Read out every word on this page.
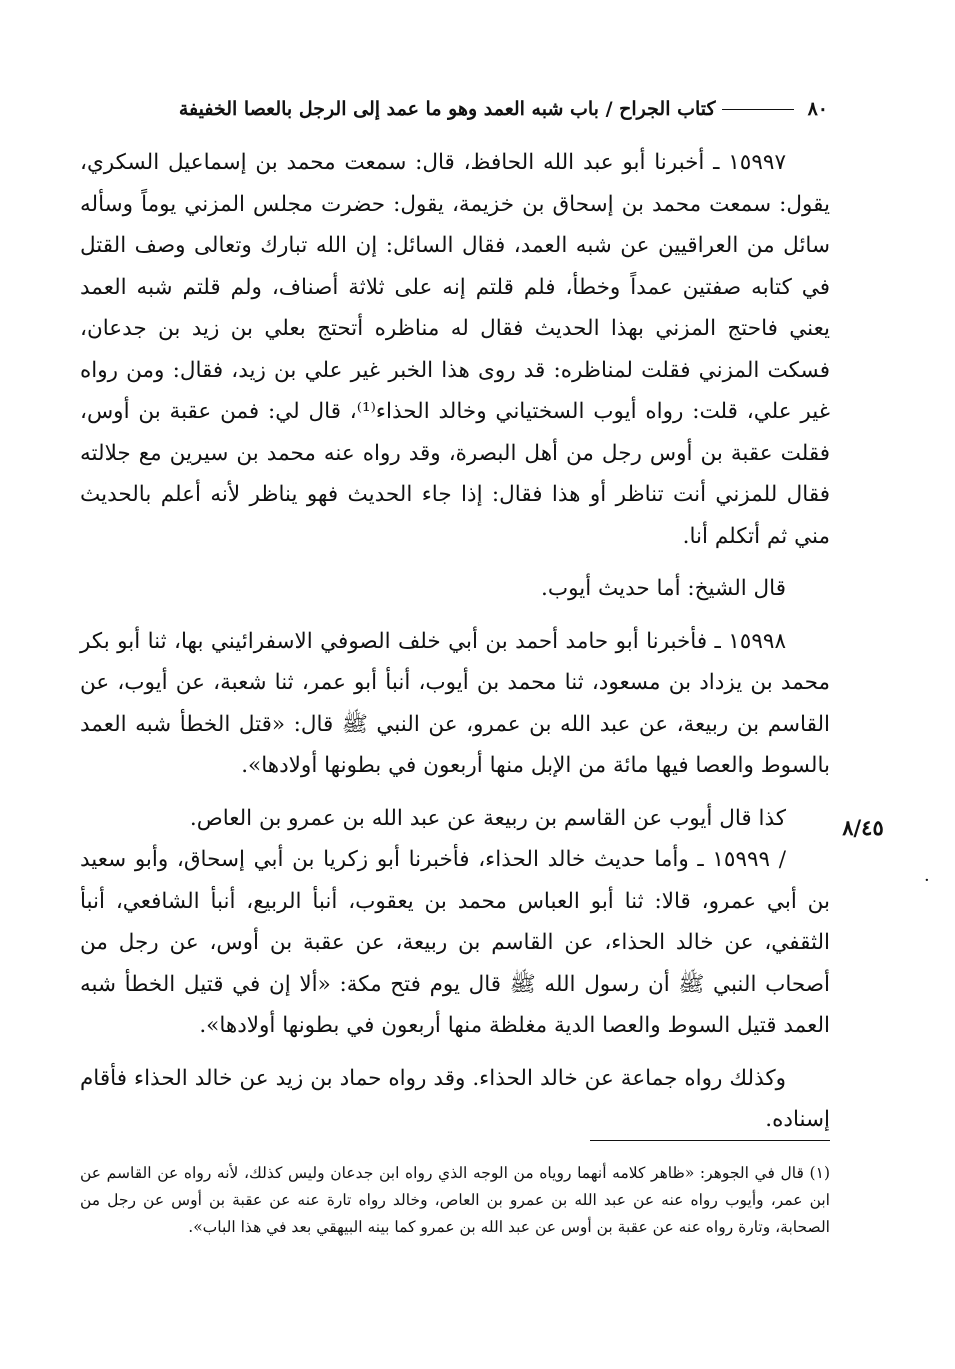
٨٠
كتاب الجراح / باب شبه العمد وهو ما عمد إلى الرجل بالعصا الخفيفة

١٥٩٩٧ ـ أخبرنا أبو عبد الله الحافظ، قال: سمعت محمد بن إسماعيل السكري، يقول: سمعت محمد بن إسحاق بن خزيمة، يقول: حضرت مجلس المزني يوماً وسأله سائل من العراقيين عن شبه العمد، فقال السائل: إن الله تبارك وتعالى وصف القتل في كتابه صفتين عمداً وخطأ، فلم قلتم إنه على ثلاثة أصناف، ولم قلتم شبه العمد يعني فاحتج المزني بهذا الحديث فقال له مناظره أتحتج بعلي بن زيد بن جدعان، فسكت المزني فقلت لمناظره: قد روى هذا الخبر غير علي بن زيد، فقال: ومن رواه غير علي، قلت: رواه أيوب السختياني وخالد الحذاء⁽¹⁾، قال لي: فمن عقبة بن أوس، فقلت عقبة بن أوس رجل من أهل البصرة، وقد رواه عنه محمد بن سيرين مع جلالته فقال للمزني أنت تناظر أو هذا فقال: إذا جاء الحديث فهو يناظر لأنه أعلم بالحديث مني ثم أتكلم أنا.

قال الشيخ: أما حديث أيوب.

١٥٩٩٨ ـ فأخبرنا أبو حامد أحمد بن أبي خلف الصوفي الاسفرائيني بها، ثنا أبو بكر محمد بن يزداد بن مسعود، ثنا محمد بن أيوب، أنبأ أبو عمر، ثنا شعبة، عن أيوب، عن القاسم بن ربيعة، عن عبد الله بن عمرو، عن النبي ﷺ قال: «قتل الخطأ شبه العمد بالسوط والعصا فيها مائة من الإبل منها أربعون في بطونها أولادها».

كذا قال أيوب عن القاسم بن ربيعة عن عبد الله بن عمرو بن العاص.

/ ١٥٩٩٩ ـ وأما حديث خالد الحذاء، فأخبرنا أبو زكريا بن أبي إسحاق، وأبو سعيد بن أبي عمرو، قالا: ثنا أبو العباس محمد بن يعقوب، أنبأ الربيع، أنبأ الشافعي، أنبأ الثقفي، عن خالد الحذاء، عن القاسم بن ربيعة، عن عقبة بن أوس، عن رجل من أصحاب النبي ﷺ أن رسول الله ﷺ قال يوم فتح مكة: «ألا إن في قتيل الخطأ شبه العمد قتيل السوط والعصا الدية مغلظة منها أربعون في بطونها أولادها».

وكذلك رواه جماعة عن خالد الحذاء. وقد رواه حماد بن زيد عن خالد الحذاء فأقام إسناده.

٨/٤٥
·

(١) قال في الجوهر: «ظاهر كلامه أنهما روياه من الوجه الذي رواه ابن جدعان وليس كذلك، لأنه رواه عن القاسم عن ابن عمر، وأيوب رواه عنه عن عبد الله بن عمرو بن العاص، وخالد رواه تارة عنه عن عقبة بن أوس عن رجل من الصحابة، وتارة رواه عنه عن عقبة بن أوس عن عبد الله بن عمرو كما بينه البيهقي بعد في هذا الباب».
